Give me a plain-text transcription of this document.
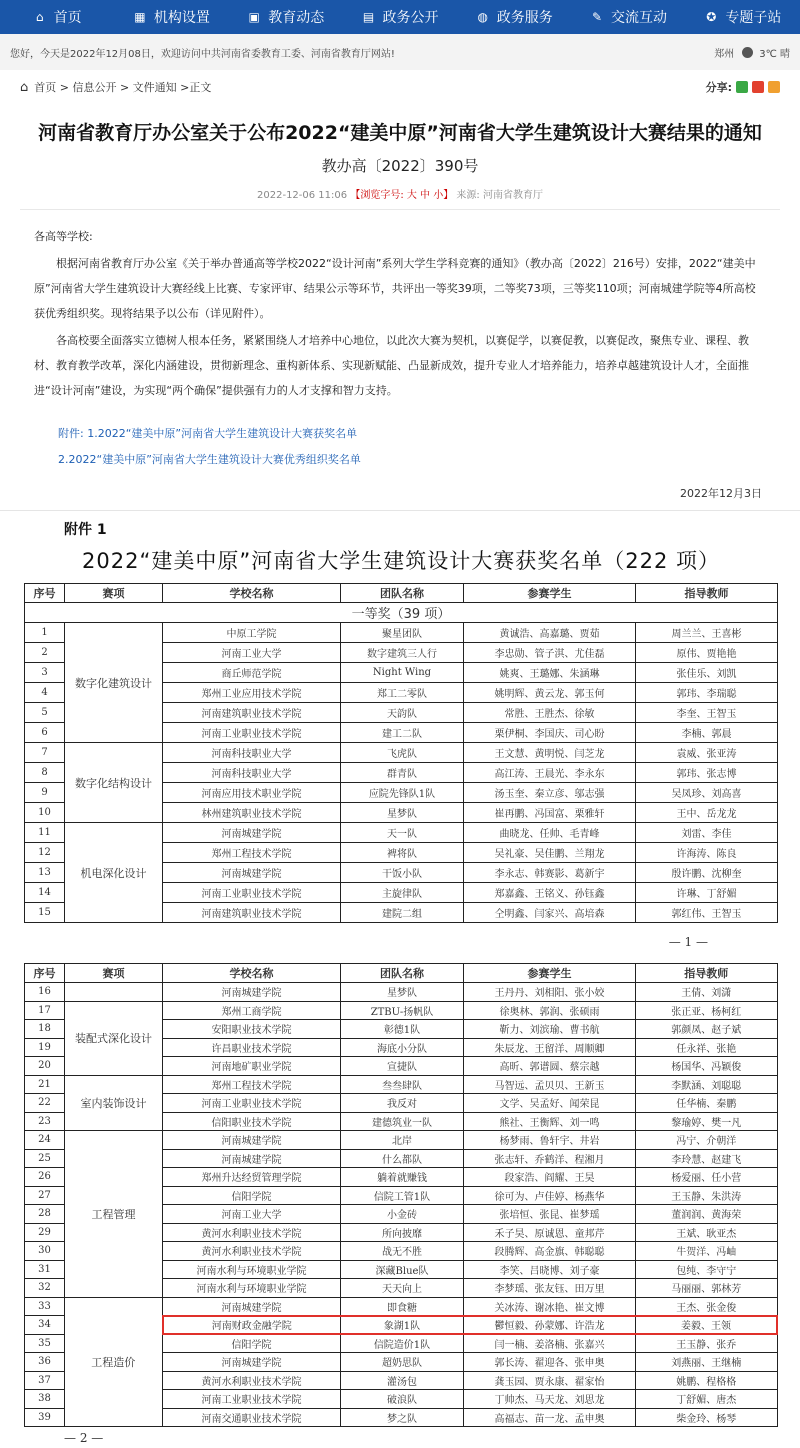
⌂ 首页	▦ 机构设置	▣ 教育动态	▤ 政务公开	◍ 政务服务	✎ 交流互动	✪ 专题子站
您好，今天是2022年12月08日，欢迎访问中共河南省委教育工委、河南省教育厅网站!	郑州	3℃ 晴
⌂ 首页 > 信息公开 > 文件通知 >正文	分享:
河南省教育厅办公室关于公布2022“建美中原”河南省大学生建筑设计大赛结果的通知
教办高〔2022〕390号
2022-12-06 11:06 【浏览字号: 大 中 小】 来源: 河南省教育厅

各高等学校:

根据河南省教育厅办公室《关于举办普通高等学校2022“设计河南”系列大学生学科竞赛的通知》（教办高〔2022〕216号）安排，2022“建美中原”河南省大学生建筑设计大赛经线上比赛、专家评审、结果公示等环节，共评出一等奖39项，二等奖73项，三等奖110项；河南城建学院等4所高校获优秀组织奖。现将结果予以公布（详见附件）。

各高校要全面落实立德树人根本任务，紧紧围绕人才培养中心地位，以此次大赛为契机，以赛促学，以赛促教，以赛促改，聚焦专业、课程、教材、教育教学改革，深化内涵建设，贯彻新理念、重构新体系、实现新赋能、凸显新成效，提升专业人才培养能力，培养卓越建筑设计人才，全面推进“设计河南”建设，为实现“两个确保”提供强有力的人才支撑和智力支持。

附件: 1.2022“建美中原”河南省大学生建筑设计大赛获奖名单
2.2022“建美中原”河南省大学生建筑设计大赛优秀组织奖名单
2022年12月3日
附件 1
2022“建美中原”河南省大学生建筑设计大赛获奖名单（222 项）
序号	赛项	学校名称	团队名称	参赛学生	指导教师
一等奖（39 项）					
1	数字化建筑设计	中原工学院	聚星团队	黄诚浩、高嘉璐、贾茹	周兰兰、王喜彬
2		河南工业大学	数字建筑三人行	李忠勋、管子淇、尤佳磊	原伟、贾艳艳
3		商丘师范学院	Night Wing	姚爽、王璐娜、朱涵琳	张佳乐、刘凯
4		郑州工业应用技术学院	郑工二零队	姚明辉、黄云龙、郭玉何	郭玮、李瑞聪
5		河南建筑职业技术学院	天韵队	常胜、王胜杰、徐敏	李奎、王智玉
6		河南工业职业技术学院	建工二队	栗伊桐、李国庆、司心盼	李楠、郭晨
7	数字化结构设计	河南科技职业大学	飞虎队	王文慧、黄明悦、闫芝龙	袁威、张亚涛
8		河南科技职业大学	群青队	高江涛、王晨光、李永东	郭玮、张志博
9		河南应用技术职业学院	应院先锋队1队	汤玉奎、秦立彦、邬志强	吴凤珍、刘高喜
10		林州建筑职业技术学院	星梦队	崔再鹏、冯国富、栗雅轩	王中、岳龙龙
11	机电深化设计	河南城建学院	天一队	曲晓龙、任帅、毛青峰	刘雷、李佳
12		郑州工程技术学院	裨将队	吴礼豪、吴佳鹏、兰翔龙	许海涛、陈良
13		河南城建学院	干饭小队	李永志、韩赛影、葛新宇	殷许鹏、沈柳奎
14		河南工业职业技术学院	主旋律队	郑嘉鑫、王铭义、孙钰鑫	许琳、丁舒媚
15		河南建筑职业技术学院	建院二组	仝明鑫、闫家兴、高培森	郭红伟、王智玉
— 1 —
序号	赛项	学校名称	团队名称	参赛学生	指导教师
16		河南城建学院	星梦队	王丹丹、刘相阳、张小姣	王倩、刘潇
17	装配式深化设计	郑州工商学院	ZTBU-扬帆队	徐奥林、郭润、张硕雨	张正亚、杨柯红
18		安阳职业技术学院	彰德1队	靳力、刘滨瑜、曹书航	郭颜凤、赵子斌
19		许昌职业技术学院	海底小分队	朱辰龙、王留洋、周顺卿	任永祥、张艳
20		河南地矿职业学院	宣捷队	高昕、郭谱圆、蔡宗越	杨国华、冯颖俊
21	室内装饰设计	郑州工程技术学院	叁叁肆队	马智远、孟贝贝、王新玉	李默涵、刘聪聪
22		河南工业职业技术学院	我反对	文学、吴孟好、闻荣昆	任华楠、秦鹏
23		信阳职业技术学院	建德筑业一队	熊社、王衡辉、刘一鸣	黎瑜婷、樊一凡
24	工程管理	河南城建学院	北岸	杨梦雨、鲁轩宇、井岩	冯宁、介朝洋
25		河南城建学院	什么都队	张志轩、乔鹤洋、程湘月	李玲慧、赵建飞
26		郑州升达经贸管理学院	躺着就赚钱	段家浩、阎耀、王昊	杨爱丽、任小营
27		信阳学院	信院工管1队	徐可为、卢佳婷、杨燕华	王玉静、朱洪涛
28		河南工业大学	小金砖	张培恒、张昆、崔梦瑶	董润润、黄海荣
29		黄河水利职业技术学院	所向披靡	禾子昊、原诚恩、童邦芹	王斌、耿亚杰
30		黄河水利职业技术学院	战无不胜	段腾辉、高金旗、韩聪聪	牛贺洋、冯岫
31		河南水利与环境职业学院	深藏Blue队	李笑、吕晓博、刘子豪	包纯、李守宁
32		河南水利与环境职业学院	天天向上	李梦瑶、张友钰、田万里	马丽丽、郭林芳
33	工程造价	河南城建学院	即食糖	关冰涛、谢冰艳、崔文博	王杰、张金俊
34		河南财政金融学院	象湖1队	鬱恒毅、孙蒙娜、许浩龙	姜毅、王领
35		信阳学院	信院造价1队	闫一楠、姜洛楠、张嘉兴	王玉静、张乔
36		河南城建学院	超奶思队	郭长涛、翟迎各、张申奥	刘燕丽、王继楠
37		黄河水利职业技术学院	灌汤包	龚玉园、贾永康、翟家怡	姚鹏、程格格
38		河南工业职业技术学院	破浪队	丁帅杰、马天龙、刘思龙	丁舒媚、唐杰
39		河南交通职业技术学院	梦之队	高福志、苗一龙、孟申奥	柴金玲、杨琴
— 2 —
